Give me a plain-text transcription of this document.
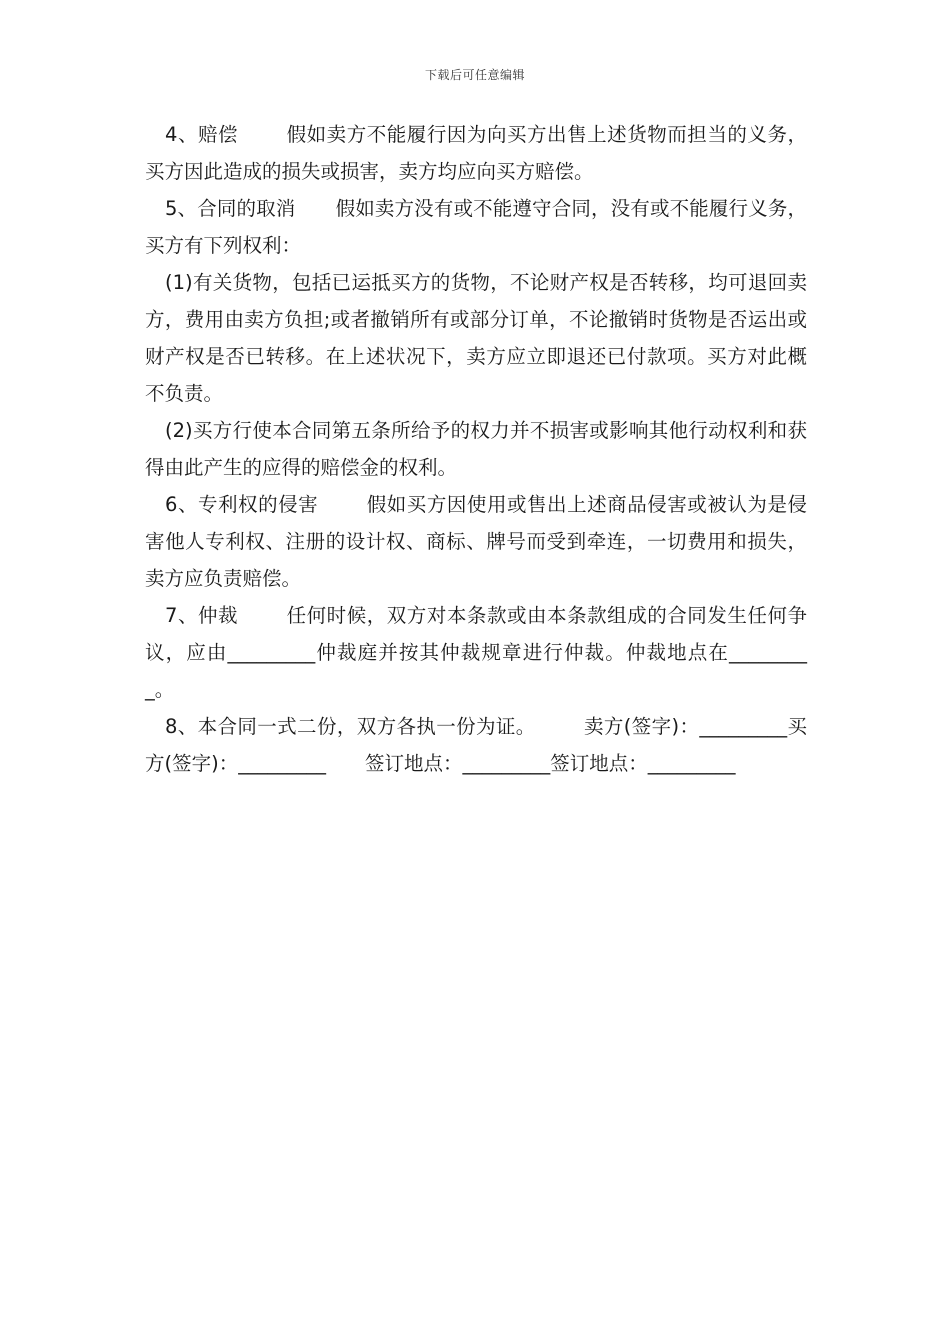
下载后可任意编辑

4、赔偿 假如卖方不能履行因为向买方出售上述货物而担当的义务，买方因此造成的损失或损害，卖方均应向买方赔偿。

5、合同的取消 假如卖方没有或不能遵守合同，没有或不能履行义务，买方有下列权利：

(1)有关货物，包括已运抵买方的货物，不论财产权是否转移，均可退回卖方，费用由卖方负担;或者撤销所有或部分订单，不论撤销时货物是否运出或财产权是否已转移。在上述状况下，卖方应立即退还已付款项。买方对此概不负责。

(2)买方行使本合同第五条所给予的权力并不损害或影响其他行动权利和获得由此产生的应得的赔偿金的权利。

6、专利权的侵害 假如买方因使用或售出上述商品侵害或被认为是侵害他人专利权、注册的设计权、商标、牌号而受到牵连，一切费用和损失，卖方应负责赔偿。

7、仲裁 任何时候，双方对本条款或由本条款组成的合同发生任何争议，应由_________仲裁庭并按其仲裁规章进行仲裁。仲裁地点在_________。

8、本合同一式二份，双方各执一份为证。 卖方(签字)：_________买方(签字)：_________　　签订地点：_________签订地点：_________
